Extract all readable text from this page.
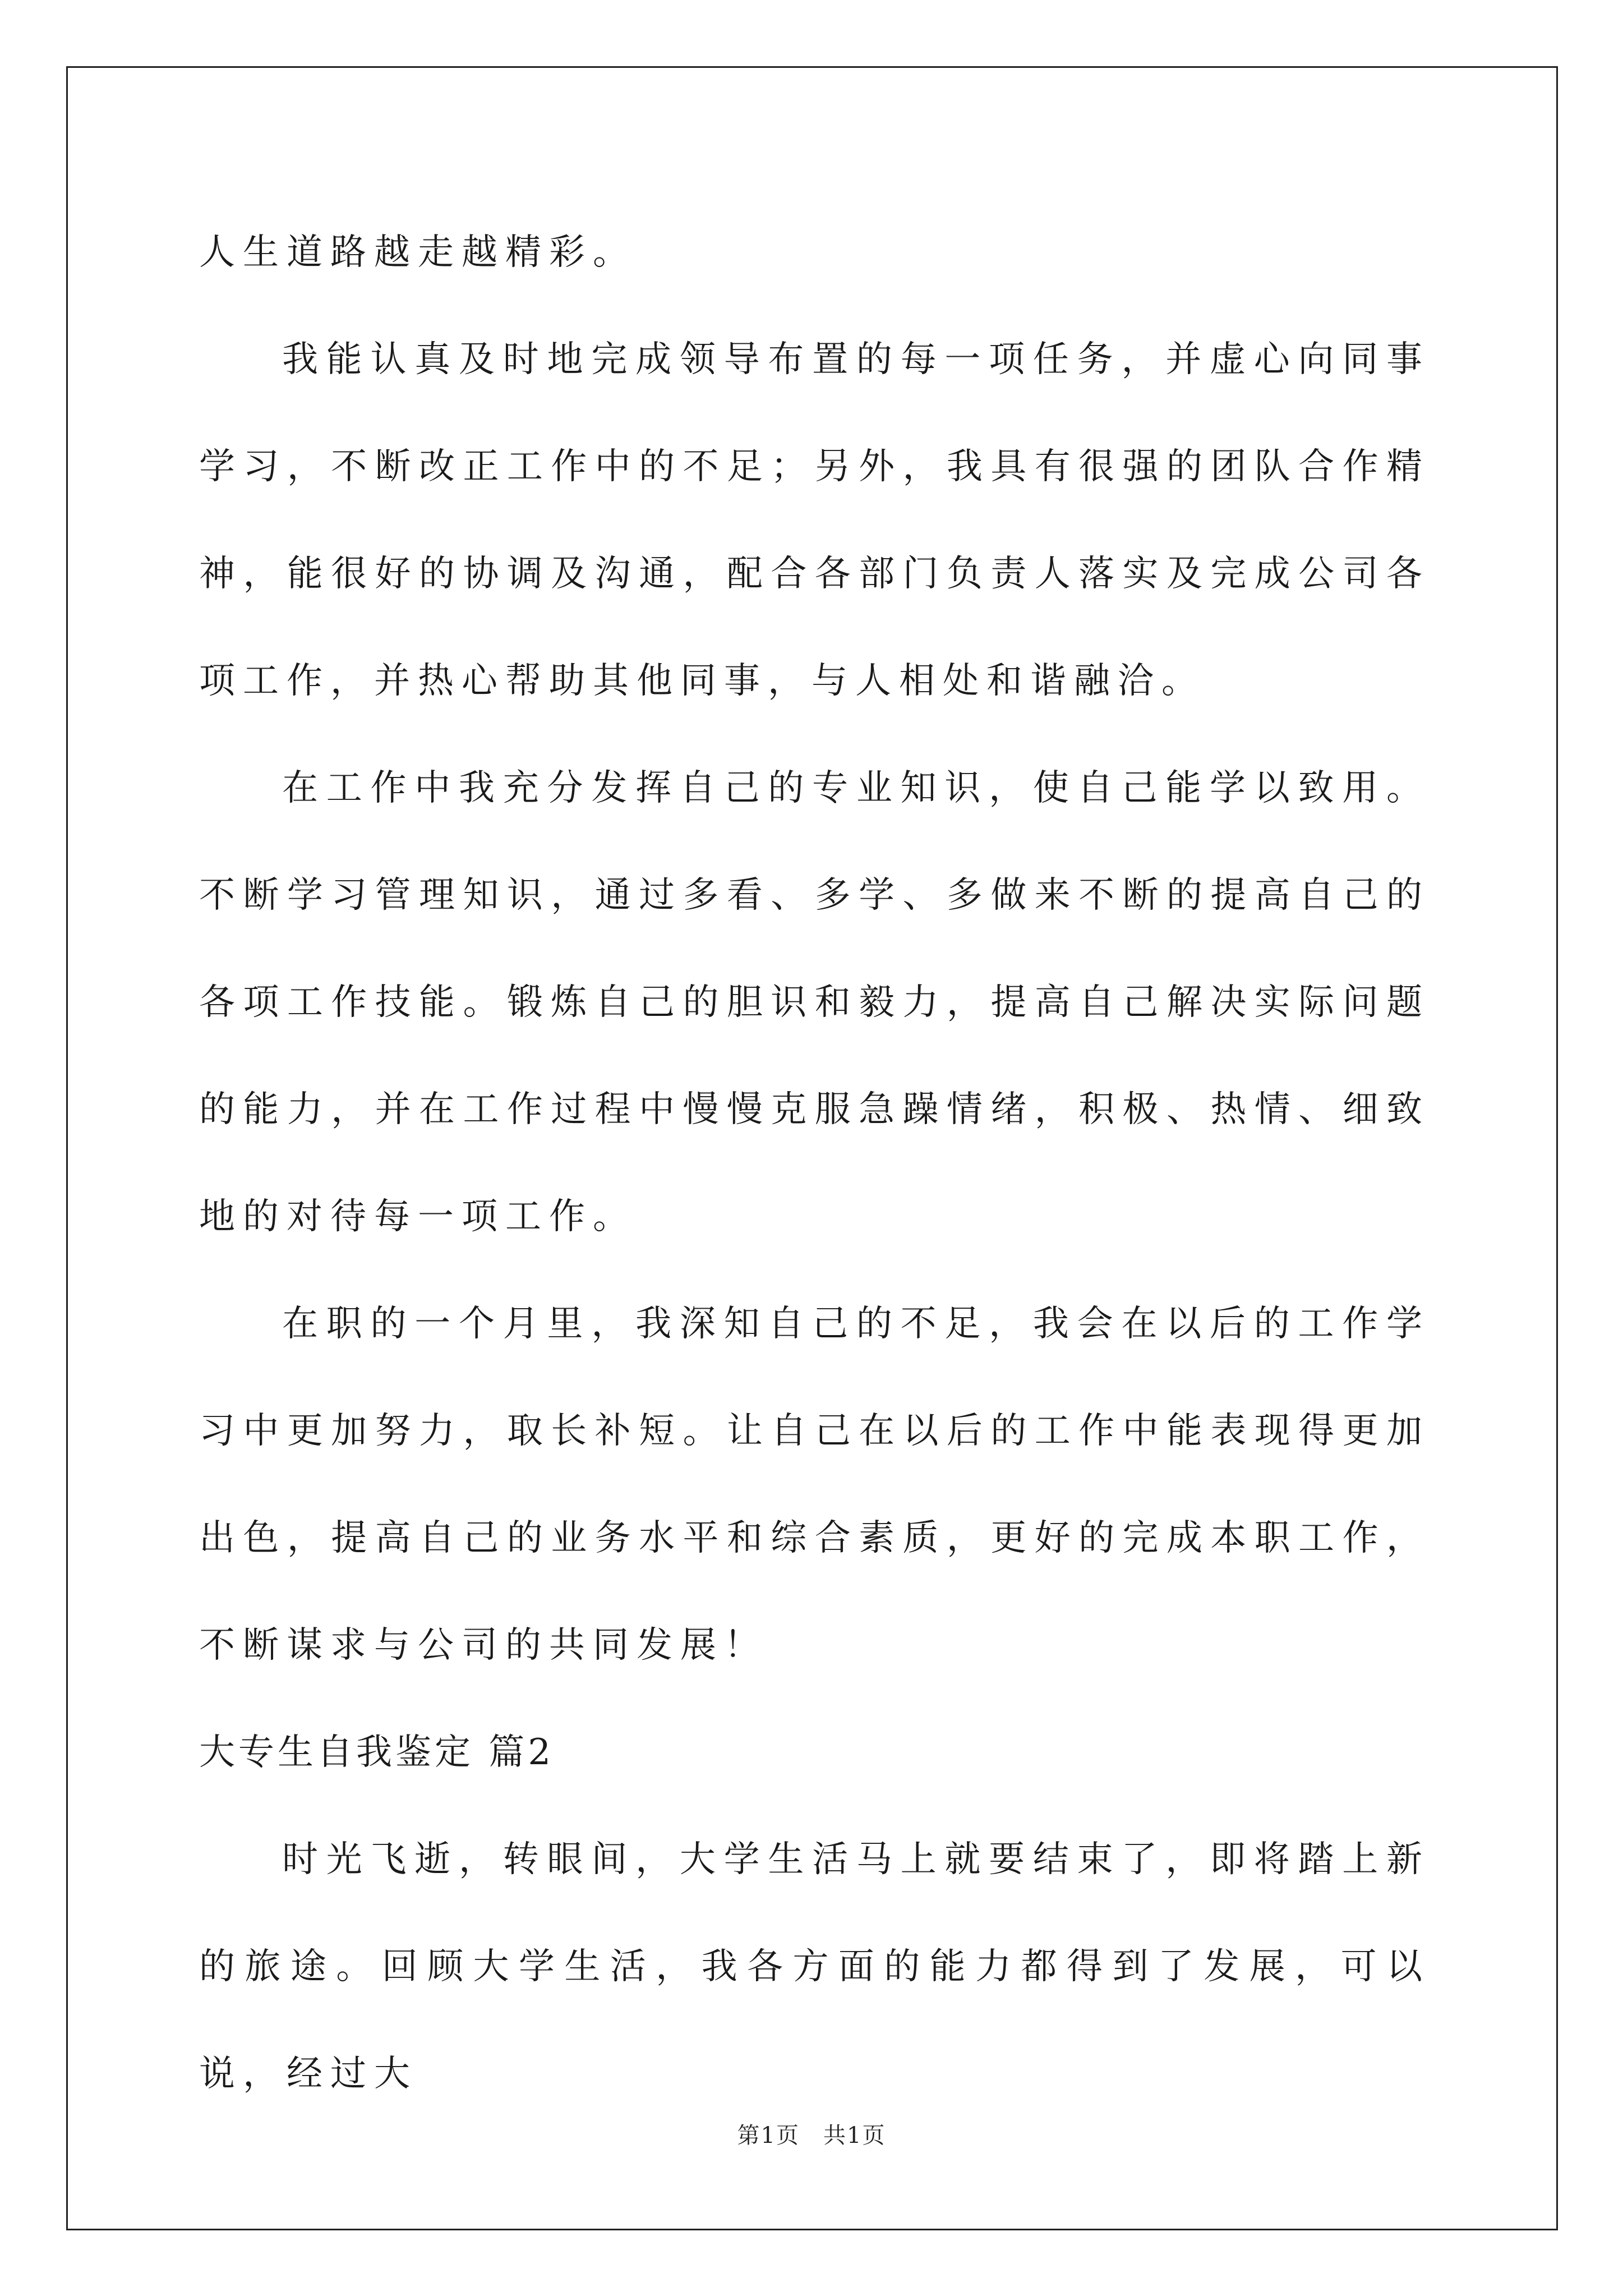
人生道路越走越精彩。

我能认真及时地完成领导布置的每一项任务，并虚心向同事学习，不断改正工作中的不足；另外，我具有很强的团队合作精神，能很好的协调及沟通，配合各部门负责人落实及完成公司各项工作，并热心帮助其他同事，与人相处和谐融洽。

在工作中我充分发挥自己的专业知识，使自己能学以致用。不断学习管理知识，通过多看、多学、多做来不断的提高自己的各项工作技能。锻炼自己的胆识和毅力，提高自己解决实际问题的能力，并在工作过程中慢慢克服急躁情绪，积极、热情、细致地的对待每一项工作。

在职的一个月里，我深知自己的不足，我会在以后的工作学习中更加努力，取长补短。让自己在以后的工作中能表现得更加出色，提高自己的业务水平和综合素质，更好的完成本职工作，不断谋求与公司的共同发展！

大专生自我鉴定 篇2

时光飞逝，转眼间，大学生活马上就要结束了，即将踏上新的旅途。回顾大学生活，我各方面的能力都得到了发展，可以说，经过大

第1页　共1页
